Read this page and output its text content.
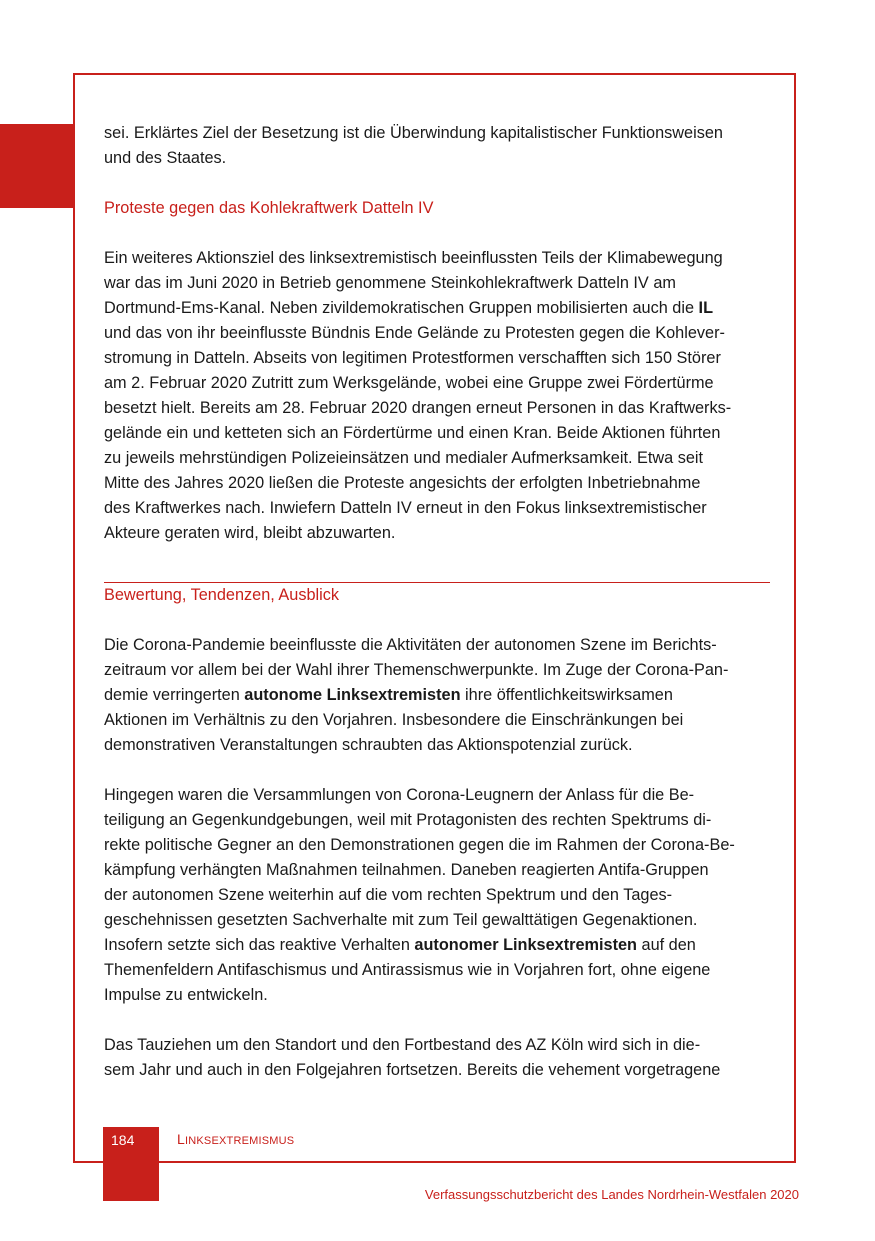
sei. Erklärtes Ziel der Besetzung ist die Überwindung kapitalistischer Funktionsweisen

und des Staates.

Proteste gegen das Kohlekraftwerk Datteln IV

Ein weiteres Aktionsziel des linksextremistisch beeinflussten Teils der Klimabewegung

war das im Juni 2020 in Betrieb genommene Steinkohlekraftwerk Datteln IV am

Dortmund-Ems-Kanal. Neben zivildemokratischen Gruppen mobilisierten auch die IL

und das von ihr beeinflusste Bündnis Ende Gelände zu Protesten gegen die Kohlever-

stromung in Datteln. Abseits von legitimen Protestformen verschafften sich 150 Störer

am 2. Februar 2020 Zutritt zum Werksgelände, wobei eine Gruppe zwei Fördertürme

besetzt hielt. Bereits am 28. Februar 2020 drangen erneut Personen in das Kraftwerks-

gelände ein und ketteten sich an Fördertürme und einen Kran. Beide Aktionen führten

zu jeweils mehrstündigen Polizeieinsätzen und medialer Aufmerksamkeit. Etwa seit

Mitte des Jahres 2020 ließen die Proteste angesichts der erfolgten Inbetriebnahme

des Kraftwerkes nach. Inwiefern Datteln IV erneut in den Fokus linksextremistischer

Akteure geraten wird, bleibt abzuwarten.

Bewertung, Tendenzen, Ausblick

Die Corona-Pandemie beeinflusste die Aktivitäten der autonomen Szene im Berichts-

zeitraum vor allem bei der Wahl ihrer Themenschwerpunkte. Im Zuge der Corona-Pan-

demie verringerten autonome Linksextremisten ihre öffentlichkeitswirksamen

Aktionen im Verhältnis zu den Vorjahren. Insbesondere die Einschränkungen bei

demonstrativen Veranstaltungen schraubten das Aktionspotenzial zurück.

Hingegen waren die Versammlungen von Corona-Leugnern der Anlass für die Be-

teiligung an Gegenkundgebungen, weil mit Protagonisten des rechten Spektrums di-

rekte politische Gegner an den Demonstrationen gegen die im Rahmen der Corona-Be-

kämpfung verhängten Maßnahmen teilnahmen. Daneben reagierten Antifa-Gruppen

der autonomen Szene weiterhin auf die vom rechten Spektrum und den Tages-

geschehnissen gesetzten Sachverhalte mit zum Teil gewalttätigen Gegenaktionen.

Insofern setzte sich das reaktive Verhalten autonomer Linksextremisten auf den

Themenfeldern Antifaschismus und Antirassismus wie in Vorjahren fort, ohne eigene

Impulse zu entwickeln.

Das Tauziehen um den Standort und den Fortbestand des AZ Köln wird sich in die-

sem Jahr und auch in den Folgejahren fortsetzen. Bereits die vehement vorgetragene

184	LINKSEXTREMISMUS
Verfassungsschutzbericht des Landes Nordrhein-Westfalen 2020
